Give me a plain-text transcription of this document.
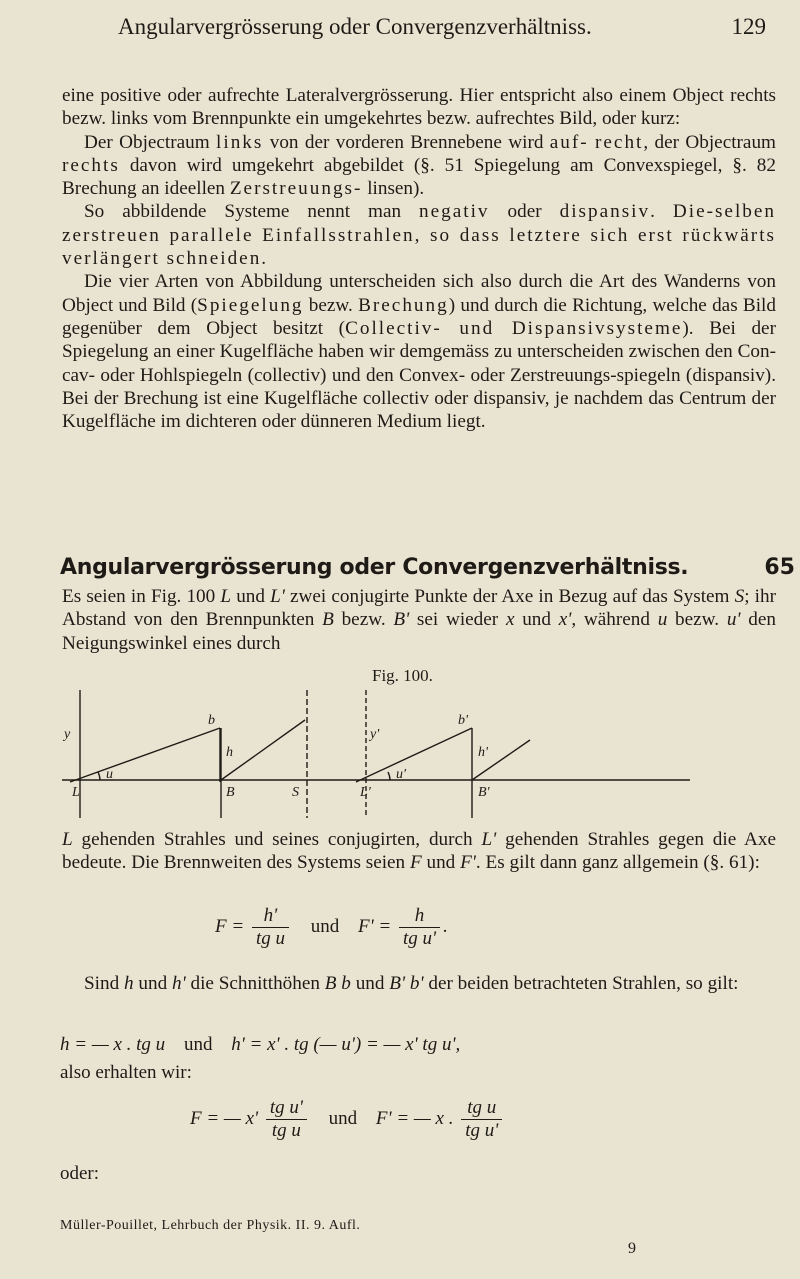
Angularvergrösserung oder Convergenzverhältniss.	129

eine positive oder aufrechte Lateralvergrösserung. Hier entspricht also einem Object rechts bezw. links vom Brennpunkte ein umgekehrtes bezw. aufrechtes Bild, oder kurz:

Der Objectraum links von der vorderen Brennebene wird auf- recht, der Objectraum rechts davon wird umgekehrt abgebildet (§. 51 Spiegelung am Convexspiegel, §. 82 Brechung an ideellen Zerstreuungs- linsen).

So abbildende Systeme nennt man negativ oder dispansiv. Die-selben zerstreuen parallele Einfallsstrahlen, so dass letztere sich erst rückwärts verlängert schneiden.

Die vier Arten von Abbildung unterscheiden sich also durch die Art des Wanderns von Object und Bild (Spiegelung bezw. Brechung) und durch die Richtung, welche das Bild gegenüber dem Object besitzt (Collectiv- und Dispansivsysteme). Bei der Spiegelung an einer Kugelfläche haben wir demgemäss zu unterscheiden zwischen den Con-cav- oder Hohlspiegeln (collectiv) und den Convex- oder Zerstreuungs-spiegeln (dispansiv). Bei der Brechung ist eine Kugelfläche collectiv oder dispansiv, je nachdem das Centrum der Kugelfläche im dichteren oder dünneren Medium liegt.

Angularvergrösserung oder Convergenzverhältniss.	65

Es seien in Fig. 100 L und L' zwei conjugirte Punkte der Axe in Bezug auf das System S; ihr Abstand von den Brennpunkten B bezw. B' sei wieder x und x', während u bezw. u' den Neigungswinkel eines durch

Fig. 100.
y
b
u
h
L	B	S
y'
b'
u'
h'
L'	B'

L gehenden Strahles und seines conjugirten, durch L' gehenden Strahles gegen die Axe bedeute. Die Brennweiten des Systems seien F und F'. Es gilt dann ganz allgemein (§. 61):

$F = \frac{h'}{\text{tg u}}$ und $F' = \frac{h}{\text{tg u'}}$ .

Sind h und h' die Schnitthöhen B b und B' b' der beiden betrachteten Strahlen, so gilt:

h = — x . tg u und h' = x' . tg (— u') = — x' tg u',
also erhalten wir:
F = — $x' \frac{\text{tg u'}}{\text{tg u}}$ und F' = — x . $\frac{\text{tg u}}{\text{tg u'}}$
oder:
Müller-Pouillet, Lehrbuch der Physik. II. 9. Aufl.
9
